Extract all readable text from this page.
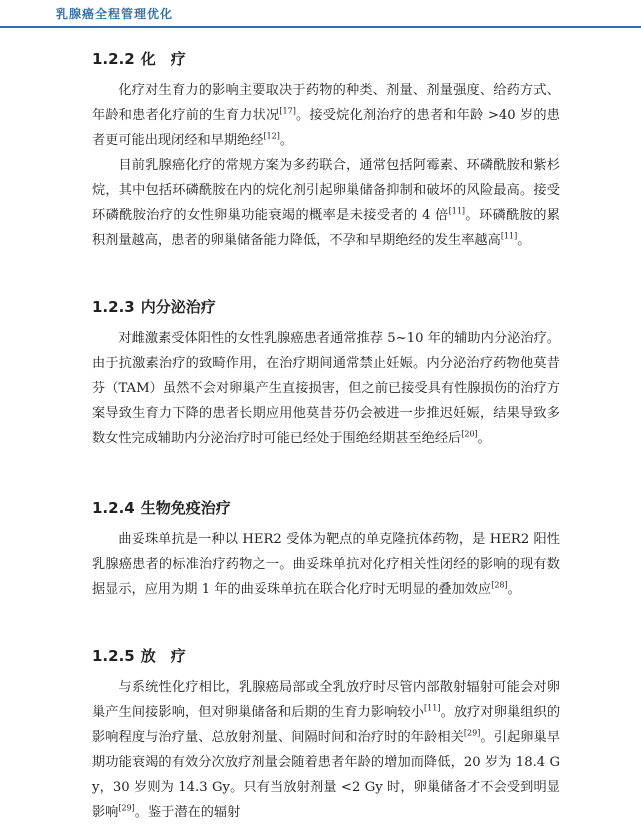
乳腺癌全程管理优化
1.2.2 化　疗

化疗对生育力的影响主要取决于药物的种类、剂量、剂量强度、给药方式、年龄和患者化疗前的生育力状况[17]。接受烷化剂治疗的患者和年龄 >40 岁的患者更可能出现闭经和早期绝经[12]。

目前乳腺癌化疗的常规方案为多药联合，通常包括阿霉素、环磷酰胺和紫杉烷，其中包括环磷酰胺在内的烷化剂引起卵巢储备抑制和破坏的风险最高。接受环磷酰胺治疗的女性卵巢功能衰竭的概率是未接受者的 4 倍[11]。环磷酰胺的累积剂量越高，患者的卵巢储备能力降低，不孕和早期绝经的发生率越高[11]。

1.2.3 内分泌治疗

对雌激素受体阳性的女性乳腺癌患者通常推荐 5~10 年的辅助内分泌治疗。由于抗激素治疗的致畸作用，在治疗期间通常禁止妊娠。内分泌治疗药物他莫昔芬（TAM）虽然不会对卵巢产生直接损害，但之前已接受具有性腺损伤的治疗方案导致生育力下降的患者长期应用他莫昔芬仍会被进一步推迟妊娠，结果导致多数女性完成辅助内分泌治疗时可能已经处于围绝经期甚至绝经后[20]。

1.2.4 生物免疫治疗

曲妥珠单抗是一种以 HER2 受体为靶点的单克隆抗体药物，是 HER2 阳性乳腺癌患者的标准治疗药物之一。曲妥珠单抗对化疗相关性闭经的影响的现有数据显示，应用为期 1 年的曲妥珠单抗在联合化疗时无明显的叠加效应[28]。

1.2.5 放　疗

与系统性化疗相比，乳腺癌局部或全乳放疗时尽管内部散射辐射可能会对卵巢产生间接影响，但对卵巢储备和后期的生育力影响较小[11]。放疗对卵巢组织的影响程度与治疗量、总放射剂量、间隔时间和治疗时的年龄相关[29]。引起卵巢早期功能衰竭的有效分次放疗剂量会随着患者年龄的增加而降低，20 岁为 18.4 Gy，30 岁则为 14.3 Gy。只有当放射剂量 <2 Gy 时，卵巢储备才不会受到明显影响[29]。鉴于潜在的辐射
